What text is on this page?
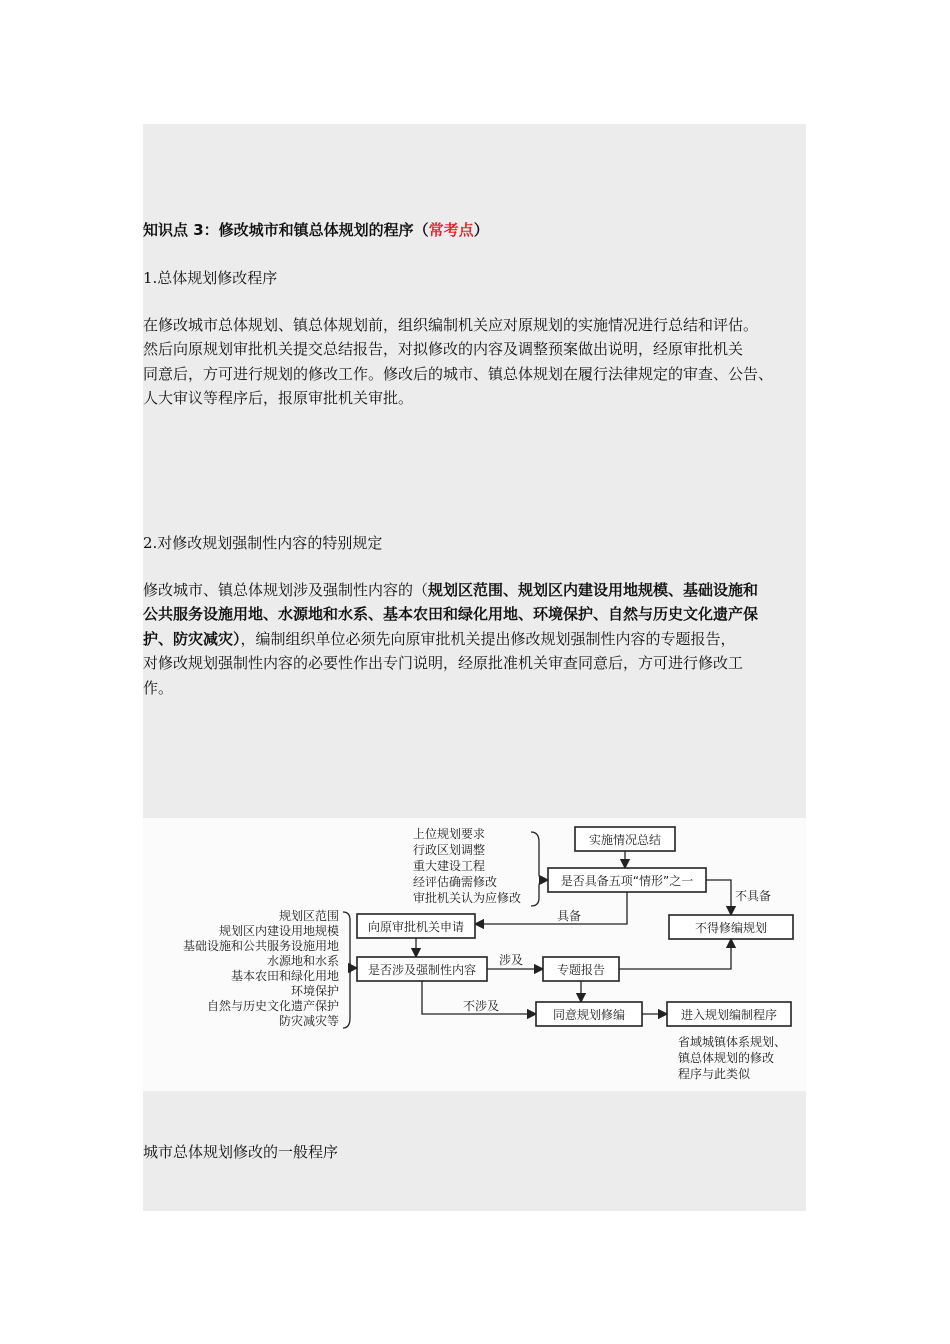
知识点 3：修改城市和镇总体规划的程序（常考点）
1.总体规划修改程序
在修改城市总体规划、镇总体规划前，组织编制机关应对原规划的实施情况进行总结和评估。
然后向原规划审批机关提交总结报告，对拟修改的内容及调整预案做出说明，经原审批机关
同意后，方可进行规划的修改工作。修改后的城市、镇总体规划在履行法律规定的审查、公告、
人大审议等程序后，报原审批机关审批。
2.对修改规划强制性内容的特别规定
修改城市、镇总体规划涉及强制性内容的（规划区范围、规划区内建设用地规模、基础设施和
公共服务设施用地、水源地和水系、基本农田和绿化用地、环境保护、自然与历史文化遗产保
护、防灾减灾），编制组织单位必须先向原审批机关提出修改规划强制性内容的专题报告，
对修改规划强制性内容的必要性作出专门说明，经原批准机关审查同意后，方可进行修改工
作。
上位规划要求
行政区划调整
重大建设工程
经评估确需修改
审批机关认为应修改
实施情况总结
是否具备五项“情形”之一
不具备
具备
不得修编规划
规划区范围
规划区内建设用地规模
基础设施和公共服务设施用地
水源地和水系
基本农田和绿化用地
环境保护
自然与历史文化遗产保护
防灾减灾等
向原审批机关申请
是否涉及强制性内容
涉及
专题报告
不涉及
同意规划修编	进入规划编制程序
省域城镇体系规划、
镇总体规划的修改
程序与此类似
城市总体规划修改的一般程序
